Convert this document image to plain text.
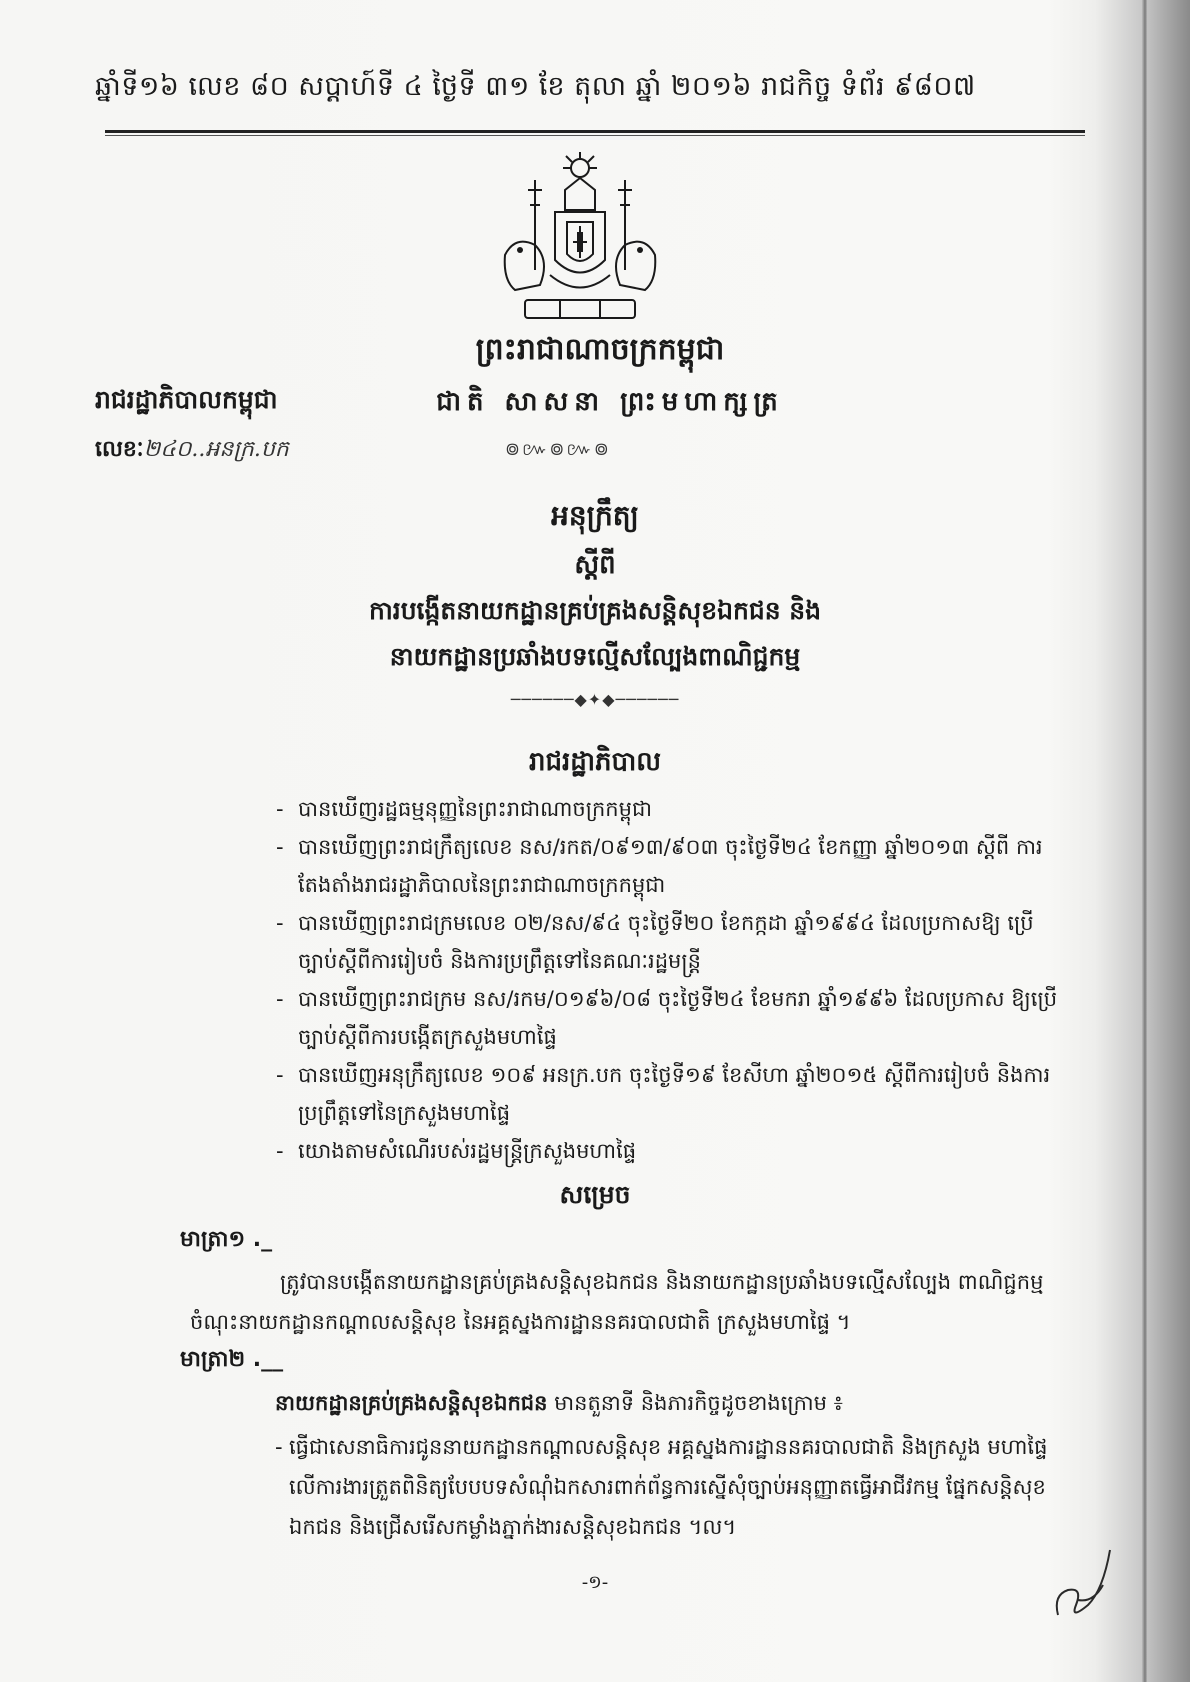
ឆ្នាំទី១៦ លេខ ៨០ សប្តាហ៍ទី ៤ ថ្ងៃទី ៣១ ខែ តុលា ឆ្នាំ ២០១៦ រាជកិច្ច ទំព័រ ៩៨០៧
ព្រះរាជាណាចក្រកម្ពុជា
រាជរដ្ឋាភិបាលកម្ពុជា	ជាតិ សាសនា ព្រះមហាក្សត្រ
លេខៈ២៤០..អនក្រ.បក	៙៚៙៚៙
អនុក្រឹត្យ
ស្តីពី
ការបង្កើតនាយកដ្ឋានគ្រប់គ្រងសន្តិសុខឯកជន និង
នាយកដ្ឋានប្រឆាំងបទល្មើសល្បែងពាណិជ្ជកម្ម
──────◆✦◆──────
រាជរដ្ឋាភិបាល
- បានឃើញរដ្ឋធម្មនុញ្ញនៃព្រះរាជាណាចក្រកម្ពុជា
- បានឃើញព្រះរាជក្រឹត្យលេខ នស/រកត/០៩១៣/៩០៣ ចុះថ្ងៃទី២៤ ខែកញ្ញា ឆ្នាំ២០១៣ ស្តីពី ការតែងតាំងរាជរដ្ឋាភិបាលនៃព្រះរាជាណាចក្រកម្ពុជា
- បានឃើញព្រះរាជក្រមលេខ ០២/នស/៩៤ ចុះថ្ងៃទី២០ ខែកក្កដា ឆ្នាំ១៩៩៤ ដែលប្រកាសឱ្យ ប្រើច្បាប់ស្តីពីការរៀបចំ និងការប្រព្រឹត្តទៅនៃគណៈរដ្ឋមន្ត្រី
- បានឃើញព្រះរាជក្រម នស/រកម/០១៩៦/០៨ ចុះថ្ងៃទី២៤ ខែមករា ឆ្នាំ១៩៩៦ ដែលប្រកាស ឱ្យប្រើច្បាប់ស្តីពីការបង្កើតក្រសួងមហាផ្ទៃ
- បានឃើញអនុក្រឹត្យលេខ ១០៩ អនក្រ.បក ចុះថ្ងៃទី១៩ ខែសីហា ឆ្នាំ២០១៥ ស្តីពីការរៀបចំ និងការប្រព្រឹត្តទៅនៃក្រសួងមហាផ្ទៃ
- យោងតាមសំណើរបស់រដ្ឋមន្ត្រីក្រសួងមហាផ្ទៃ
សម្រេច
មាត្រា១ ._

ត្រូវបានបង្កើតនាយកដ្ឋានគ្រប់គ្រងសន្តិសុខឯកជន និងនាយកដ្ឋានប្រឆាំងបទល្មើសល្បែង ពាណិជ្ជកម្ម ចំណុះនាយកដ្ឋានកណ្តាលសន្តិសុខ នៃអគ្គស្នងការដ្ឋាននគរបាលជាតិ ក្រសួងមហាផ្ទៃ ។

មាត្រា២ .__

នាយកដ្ឋានគ្រប់គ្រងសន្តិសុខឯកជន មានតួនាទី និងភារកិច្ចដូចខាងក្រោម ៖

- ធ្វើជាសេនាធិការជូននាយកដ្ឋានកណ្តាលសន្តិសុខ អគ្គស្នងការដ្ឋាននគរបាលជាតិ និងក្រសួង មហាផ្ទៃ លើការងារត្រួតពិនិត្យបែបបទសំណុំឯកសារពាក់ព័ន្ធការស្នើសុំច្បាប់អនុញ្ញាតធ្វើអាជីវកម្ម ផ្នែកសន្តិសុខឯកជន និងជ្រើសរើសកម្លាំងភ្នាក់ងារសន្តិសុខឯកជន ។ល។
-១-
